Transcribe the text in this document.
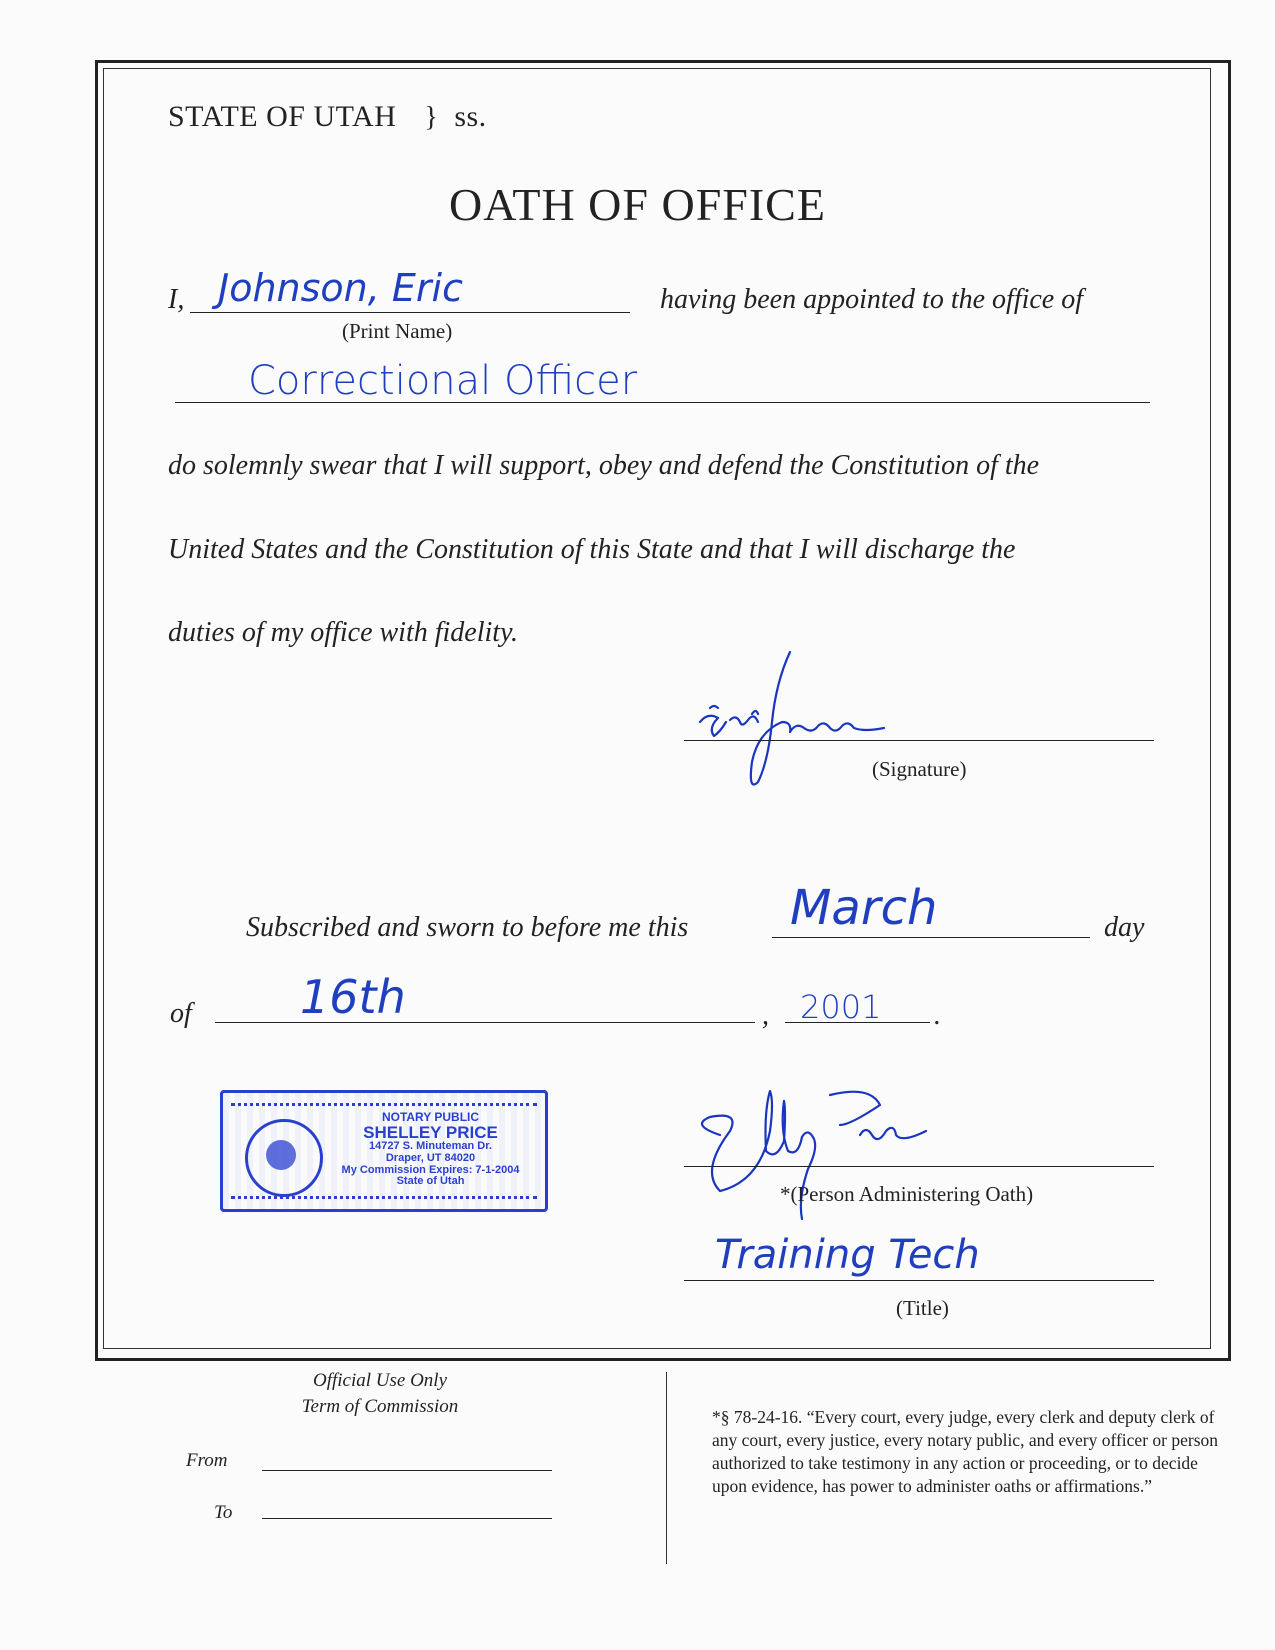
STATE OF UTAH } ss.
OATH OF OFFICE
I, Johnson, Eric
(Print Name)
having been appointed to the office of
Correctional Officer
do solemnly swear that I will support, obey and defend the Constitution of the
United States and the Constitution of this State and that I will discharge the
duties of my office with fidelity.
(Signature)
Subscribed and sworn to before me this March	day
of 16th	, 2001 .
NOTARY PUBLIC
SHELLEY PRICE
14727 S. Minuteman Dr.
Draper, UT 84020
My Commission Expires: 7-1-2004
State of Utah
*(Person Administering Oath)
Training Tech
(Title)
Official Use Only
Term of Commission
From
To
*§ 78-24-16. “Every court, every judge, every clerk and deputy clerk of any court, every justice, every notary public, and every officer or person authorized to take testimony in any action or proceeding, or to decide upon evidence, has power to administer oaths or affirmations.”
